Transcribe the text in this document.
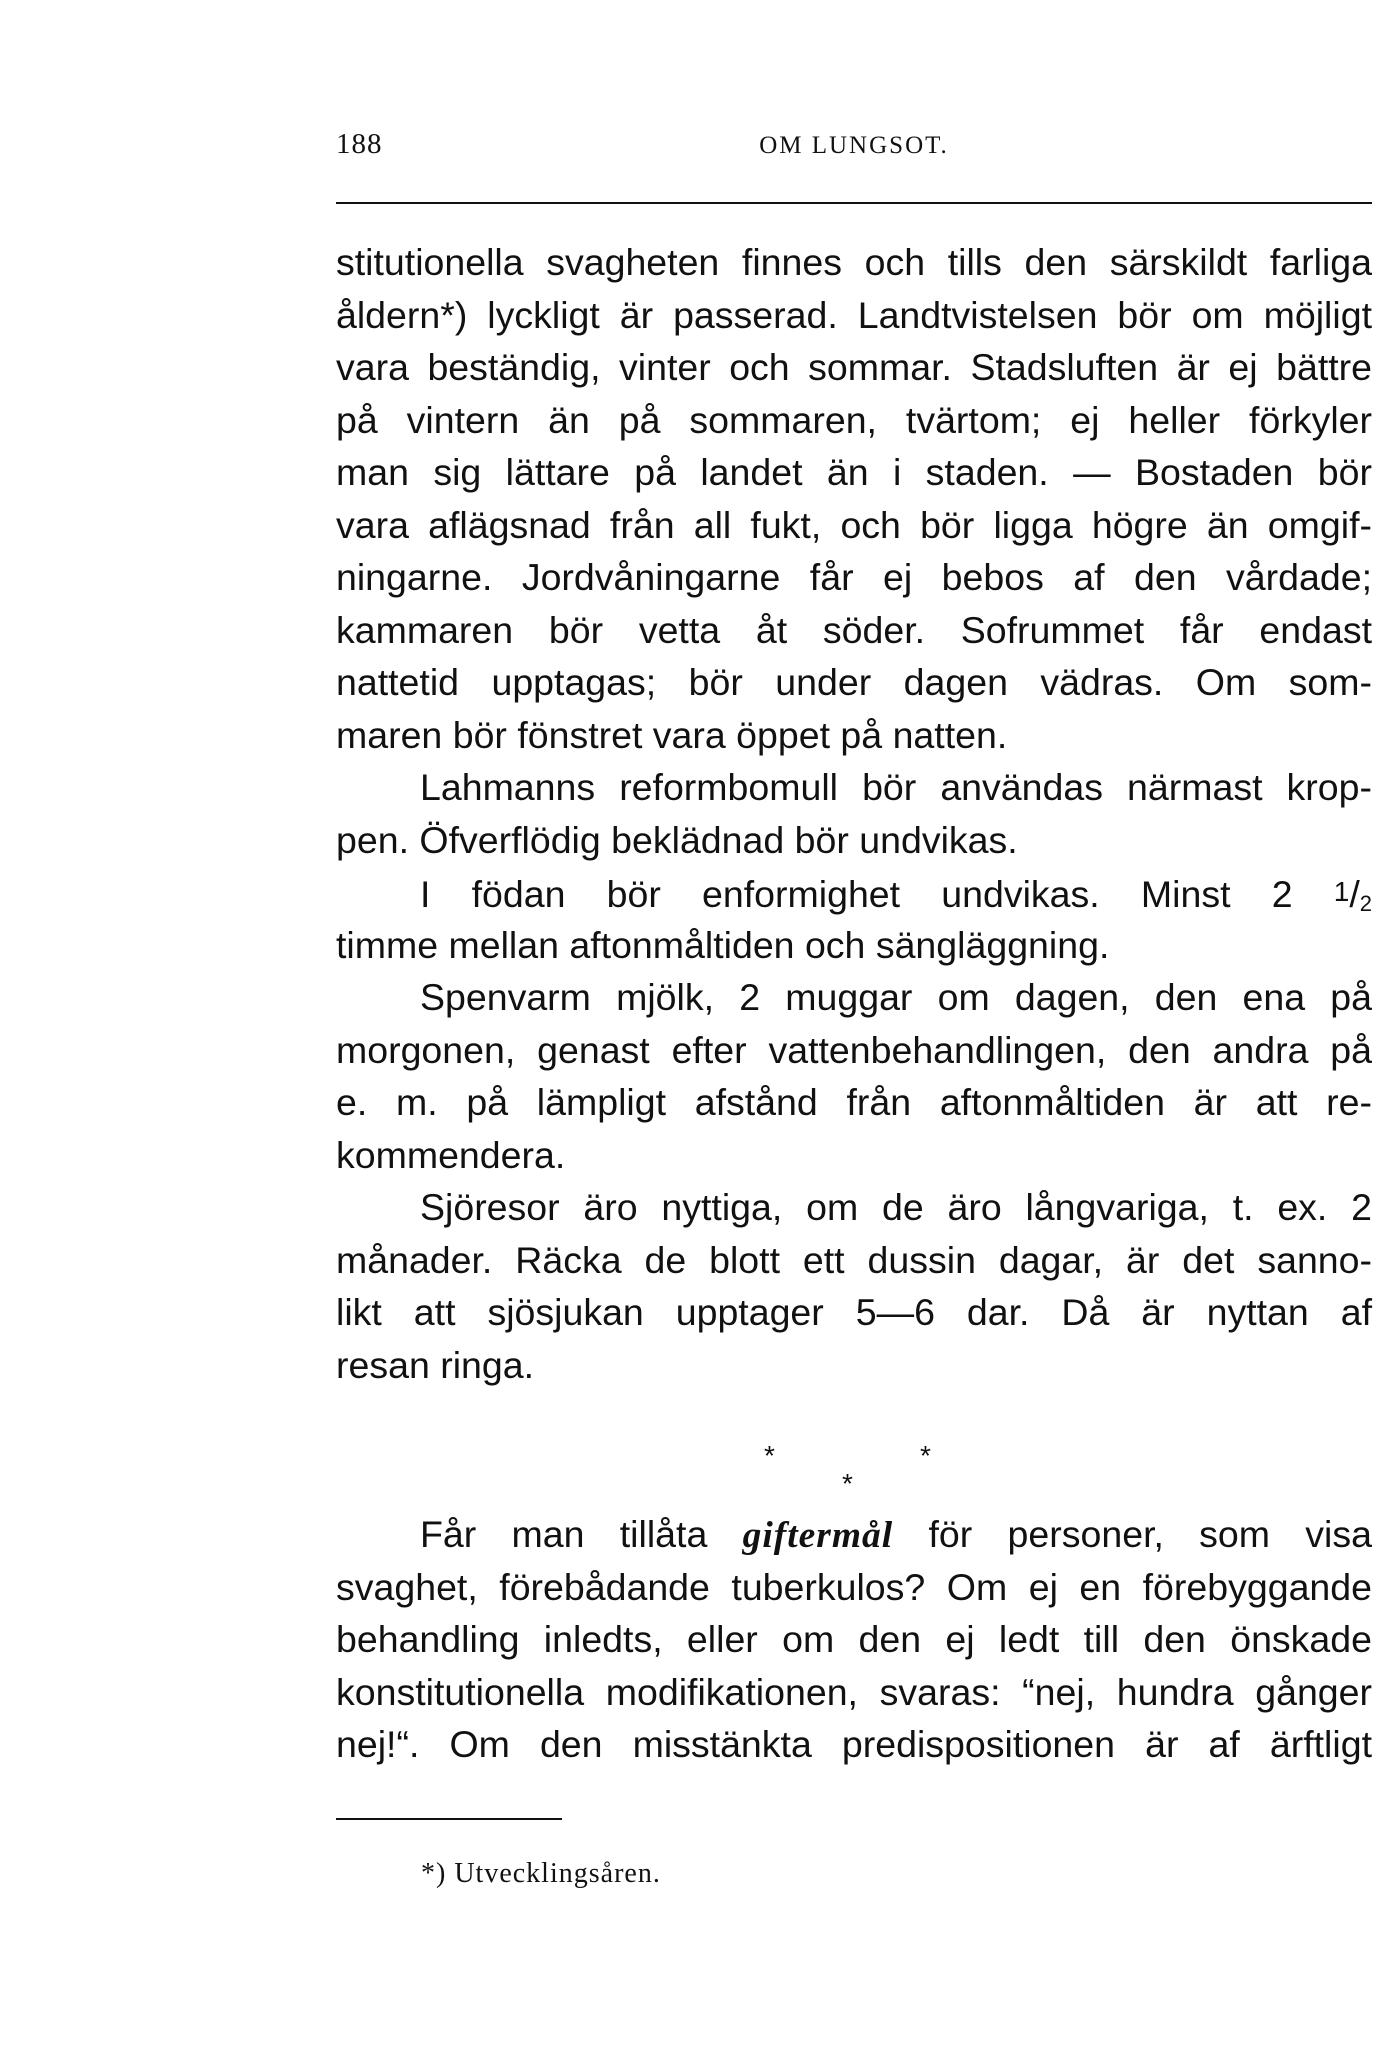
188	OM LUNGSOT.
stitutionella svagheten finnes och tills den särskildt farliga
åldern*) lyckligt är passerad. Landtvistelsen bör om möjligt
vara beständig, vinter och sommar. Stadsluften är ej bättre
på vintern än på sommaren, tvärtom; ej heller förkyler
man sig lättare på landet än i staden. — Bostaden bör
vara aflägsnad från all fukt, och bör ligga högre än omgif-
ningarne. Jordvåningarne får ej bebos af den vårdade;
kammaren bör vetta åt söder. Sofrummet får endast
nattetid upptagas; bör under dagen vädras. Om som-
maren bör fönstret vara öppet på natten.
Lahmanns reformbomull bör användas närmast krop-
pen. Öfverflödig beklädnad bör undvikas.
I födan bör enformighet undvikas. Minst 2 1/2
timme mellan aftonmåltiden och sängläggning.
Spenvarm mjölk, 2 muggar om dagen, den ena på
morgonen, genast efter vattenbehandlingen, den andra på
e. m. på lämpligt afstånd från aftonmåltiden är att re-
kommendera.
Sjöresor äro nyttiga, om de äro långvariga, t. ex. 2
månader. Räcka de blott ett dussin dagar, är det sanno-
likt att sjösjukan upptager 5—6 dar. Då är nyttan af
resan ringa.
*	*
*
Får man tillåta giftermål för personer, som visa
svaghet, förebådande tuberkulos? Om ej en förebyggande
behandling inledts, eller om den ej ledt till den önskade
konstitutionella modifikationen, svaras: “nej, hundra gånger
nej!“. Om den misstänkta predispositionen är af ärftligt
*) Utvecklingsåren.
